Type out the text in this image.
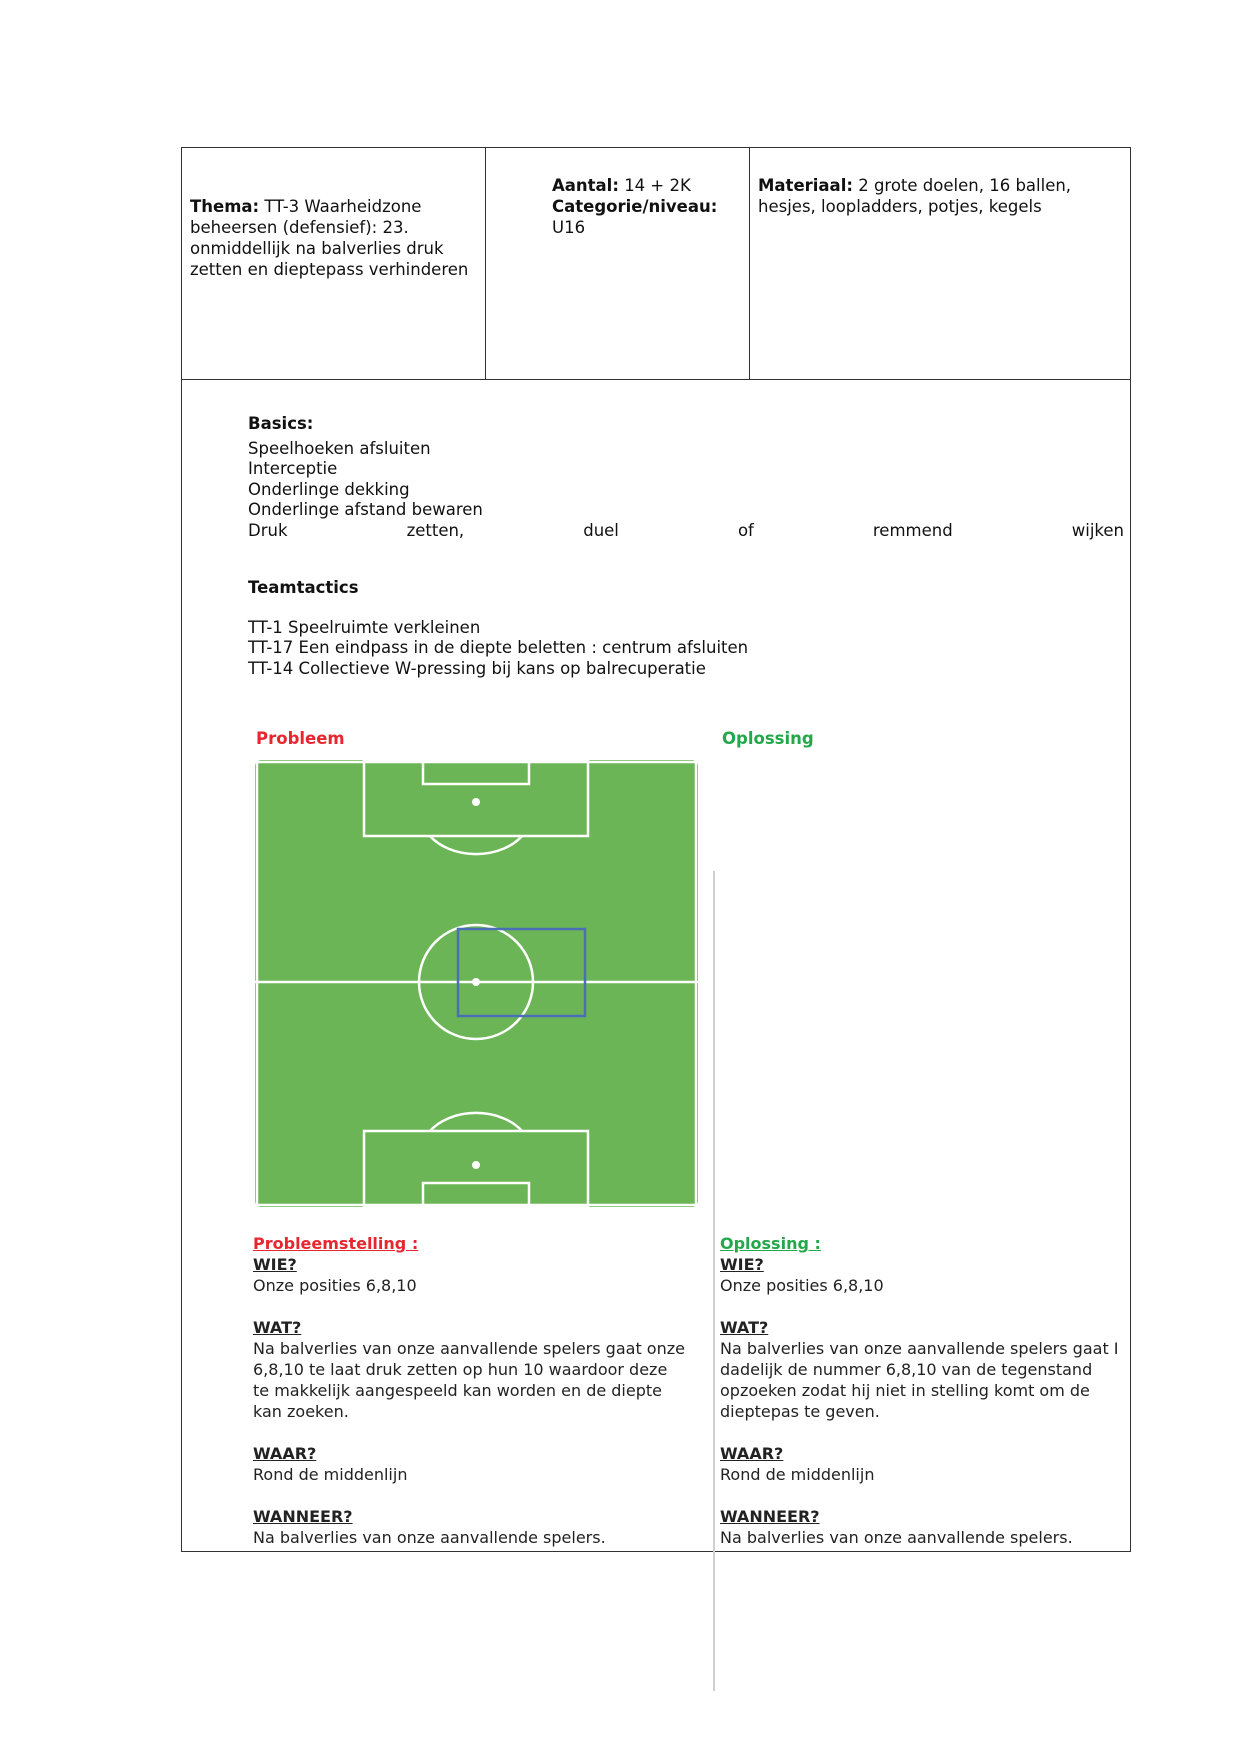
Thema: TT-3 Waarheidzone beheersen (defensief): 23. onmiddellijk na balverlies druk zetten en dieptepass verhinderen
Aantal: 14 + 2K
Categorie/niveau:
U16
Materiaal: 2 grote doelen, 16 ballen, hesjes, loopladders, potjes, kegels
Basics:
Speelhoeken afsluiten
Interceptie
Onderlinge dekking
Onderlinge afstand bewaren
Druk	zetten,	duel	of	remmend	wijken
Teamtactics
TT-1 Speelruimte verkleinen
TT-17 Een eindpass in de diepte beletten : centrum afsluiten
TT-14 Collectieve W-pressing bij kans op balrecuperatie
Probleem	Oplossing
Probleemstelling :
WIE?
Onze posities 6,8,10
WAT?
Na balverlies van onze aanvallende spelers gaat onze
6,8,10 te laat druk zetten op hun 10 waardoor deze
te makkelijk aangespeeld kan worden en de diepte
kan zoeken.
WAAR?
Rond de middenlijn
WANNEER?
Na balverlies van onze aanvallende spelers.
Oplossing :
WIE?
Onze posities 6,8,10
WAT?
Na balverlies van onze aanvallende spelers gaat I
dadelijk de nummer 6,8,10 van de tegenstand
opzoeken zodat hij niet in stelling komt om de
dieptepas te geven.
WAAR?
Rond de middenlijn
WANNEER?
Na balverlies van onze aanvallende spelers.
